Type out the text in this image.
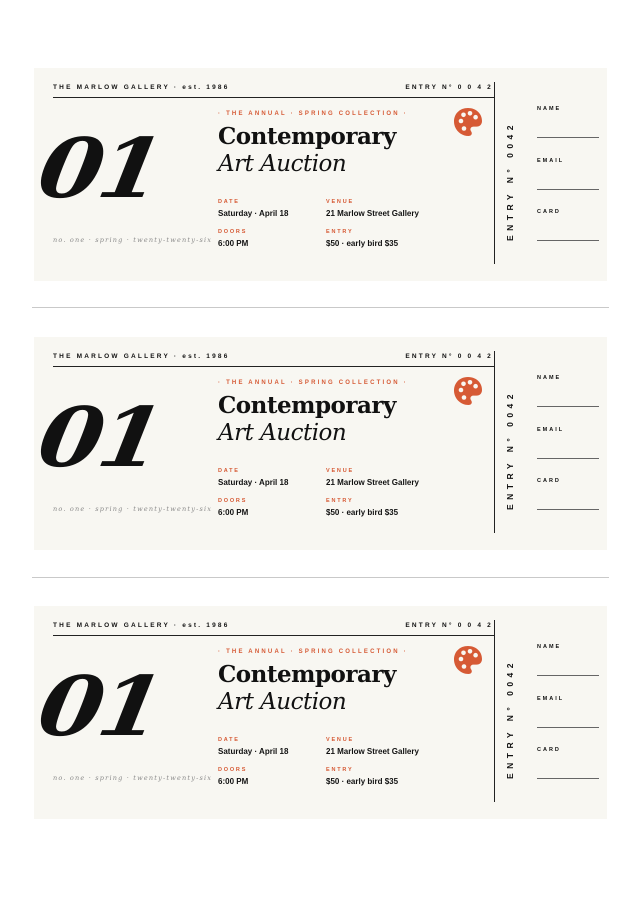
THE MARLOW GALLERY · est. 1986	ENTRY N° 0 0 4 2
01
no. one · spring · twenty-twenty-six
· THE ANNUAL · SPRING COLLECTION ·
Contemporary
Art Auction
DATE
Saturday · April 18
VENUE
21 Marlow Street Gallery
DOORS
6:00 PM
ENTRY
$50 · early bird $35
ENTRY N° 0042
NAME
EMAIL
CARD
THE MARLOW GALLERY · est. 1986	ENTRY N° 0 0 4 2
01
no. one · spring · twenty-twenty-six
· THE ANNUAL · SPRING COLLECTION ·
Contemporary
Art Auction
DATE
Saturday · April 18
VENUE
21 Marlow Street Gallery
DOORS
6:00 PM
ENTRY
$50 · early bird $35
ENTRY N° 0042
NAME
EMAIL
CARD
THE MARLOW GALLERY · est. 1986	ENTRY N° 0 0 4 2
01
no. one · spring · twenty-twenty-six
· THE ANNUAL · SPRING COLLECTION ·
Contemporary
Art Auction
DATE
Saturday · April 18
VENUE
21 Marlow Street Gallery
DOORS
6:00 PM
ENTRY
$50 · early bird $35
ENTRY N° 0042
NAME
EMAIL
CARD
